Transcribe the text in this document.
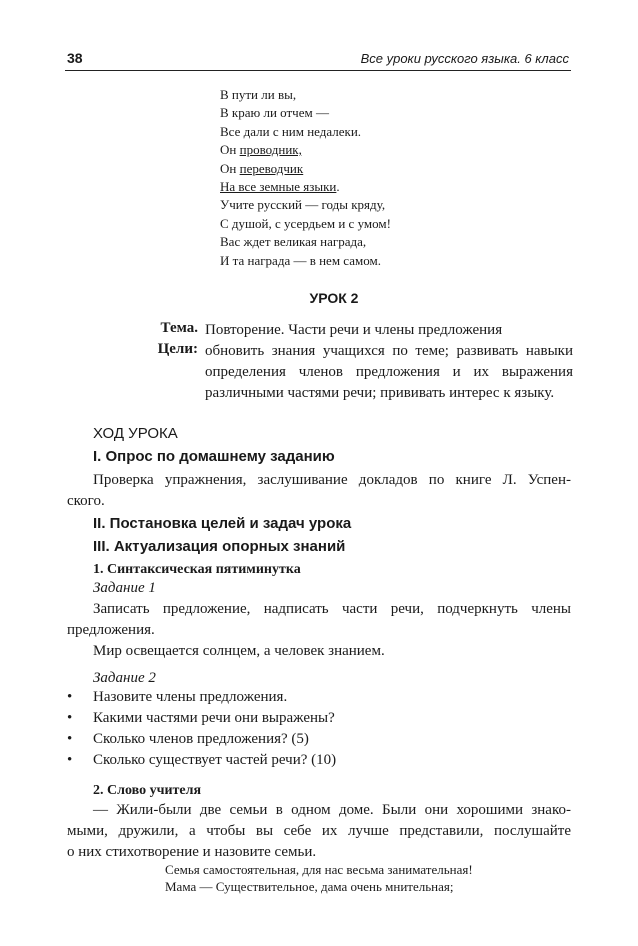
38	Все уроки русского языка. 6 класс
В пути ли вы,
В краю ли отчем —
Все дали с ним недалеки.
Он проводник,
Он переводчик
На все земные языки.
Учите русский — годы кряду,
С душой, с усердьем и с умом!
Вас ждет великая награда,
И та награда — в нем самом.
УРОК 2
Тема. Повторение. Части речи и члены предложения
Цели: обновить знания учащихся по теме; развивать навыки определения членов предложения и их выражения различными частями речи; прививать интерес к языку.
ХОД УРОКА
I. Опрос по домашнему заданию
Проверка упражнения, заслушивание докладов по книге Л. Успен-
ского.
II. Постановка целей и задач урока
III. Актуализация опорных знаний
1. Синтаксическая пятиминутка
Задание 1
Записать предложение, надписать части речи, подчеркнуть члены
предложения.
Мир освещается солнцем, а человек знанием.
Задание 2
• Назовите члены предложения.
• Какими частями речи они выражены?
• Сколько членов предложения? (5)
• Сколько существует частей речи? (10)
2. Слово учителя
— Жили-были две семьи в одном доме. Были они хорошими знако-
мыми, дружили, а чтобы вы себе их лучше представили, послушайте
о них стихотворение и назовите семьи.
Семья самостоятельная, для нас весьма занимательная!
Мама — Существительное, дама очень мнительная;
